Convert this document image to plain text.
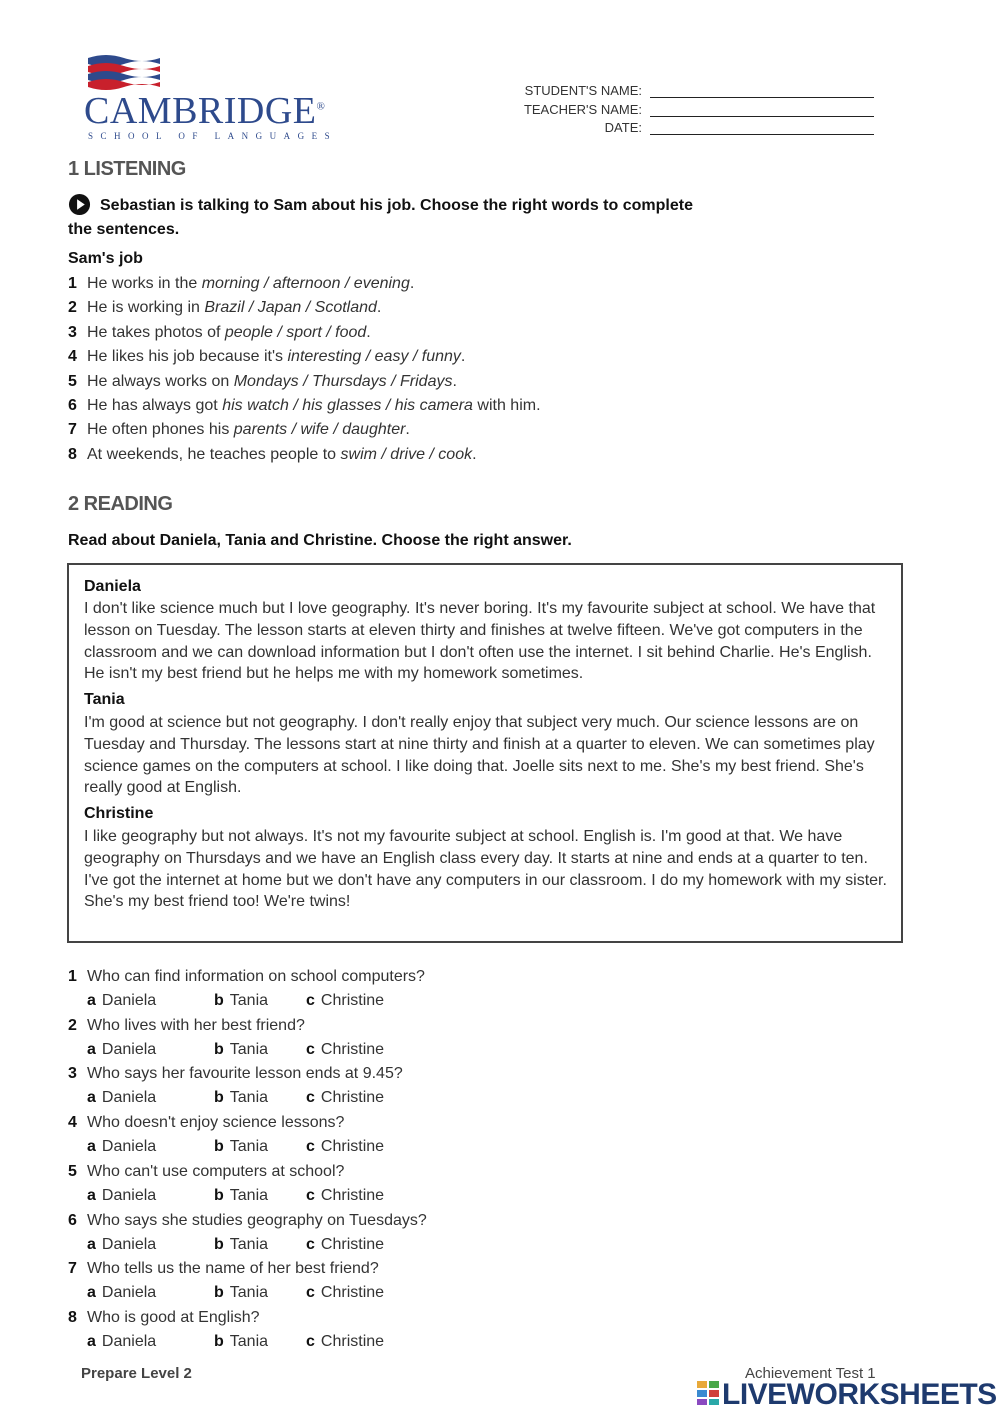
CAMBRIDGE®
SCHOOL OF LANGUAGES
STUDENT'S NAME:
TEACHER'S NAME:
DATE:
1 LISTENING
Sebastian is talking to Sam about his job. Choose the right words to complete
the sentences.
Sam's job
1 He works in the morning / afternoon / evening.
2 He is working in Brazil / Japan / Scotland.
3 He takes photos of people / sport / food.
4 He likes his job because it's interesting / easy / funny.
5 He always works on Mondays / Thursdays / Fridays.
6 He has always got his watch / his glasses / his camera with him.
7 He often phones his parents / wife / daughter.
8 At weekends, he teaches people to swim / drive / cook.
2 READING
Read about Daniela, Tania and Christine. Choose the right answer.
Daniela
I don't like science much but I love geography. It's never boring. It's my favourite subject at school. We have that lesson on Tuesday. The lesson starts at eleven thirty and finishes at twelve fifteen. We've got computers in the classroom and we can download information but I don't often use the internet. I sit behind Charlie. He's English. He isn't my best friend but he helps me with my homework sometimes.
Tania
I'm good at science but not geography. I don't really enjoy that subject very much. Our science lessons are on Tuesday and Thursday. The lessons start at nine thirty and finish at a quarter to eleven. We can sometimes play science games on the computers at school. I like doing that. Joelle sits next to me. She's my best friend. She's really good at English.
Christine
I like geography but not always. It's not my favourite subject at school. English is. I'm good at that. We have geography on Thursdays and we have an English class every day. It starts at nine and ends at a quarter to ten. I've got the internet at home but we don't have any computers in our classroom. I do my homework with my sister. She's my best friend too! We're twins!
1 Who can find information on school computers?
a Daniela	b Tania c Christine
2 Who lives with her best friend?
a Daniela	b Tania c Christine
3 Who says her favourite lesson ends at 9.45?
a Daniela	b Tania c Christine
4 Who doesn't enjoy science lessons?
a Daniela	b Tania c Christine
5 Who can't use computers at school?
a Daniela	b Tania c Christine
6 Who says she studies geography on Tuesdays?
a Daniela	b Tania c Christine
7 Who tells us the name of her best friend?
a Daniela	b Tania c Christine
8 Who is good at English?
a Daniela	b Tania c Christine
Prepare Level 2	Achievement Test 1
LIVEWORKSHEETS
